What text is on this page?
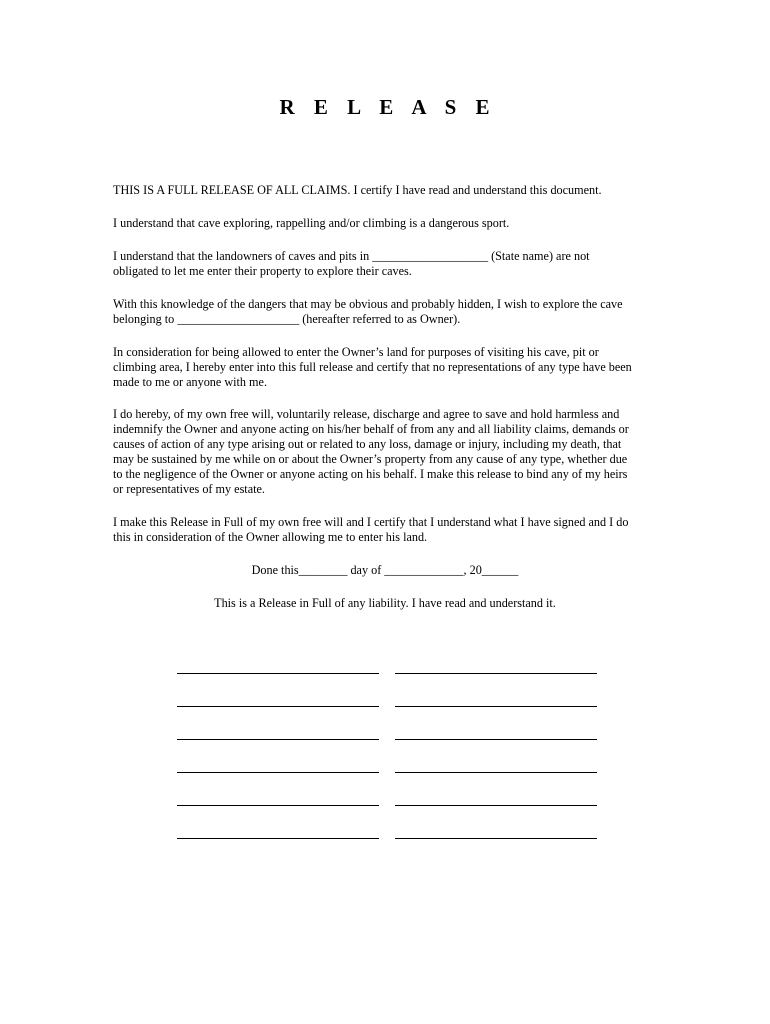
R E L E A S E

THIS IS A FULL RELEASE OF ALL CLAIMS. I certify I have read and understand this document.

I understand that cave exploring, rappelling and/or climbing is a dangerous sport.

I understand that the landowners of caves and pits in ___________________ (State name) are not
obligated to let me enter their property to explore their caves.

With this knowledge of the dangers that may be obvious and probably hidden, I wish to explore the cave
belonging to ____________________ (hereafter referred to as Owner).

In consideration for being allowed to enter the Owner’s land for purposes of visiting his cave, pit or
climbing area, I hereby enter into this full release and certify that no representations of any type have been
made to me or anyone with me.

I do hereby, of my own free will, voluntarily release, discharge and agree to save and hold harmless and
indemnify the Owner and anyone acting on his/her behalf of from any and all liability claims, demands or
causes of action of any type arising out or related to any loss, damage or injury, including my death, that
may be sustained by me while on or about the Owner’s property from any cause of any type, whether due
to the negligence of the Owner or anyone acting on his behalf. I make this release to bind any of my heirs
or representatives of my estate.

I make this Release in Full of my own free will and I certify that I understand what I have signed and I do
this in consideration of the Owner allowing me to enter his land.

Done this________ day of _____________, 20______

This is a Release in Full of any liability. I have read and understand it.
